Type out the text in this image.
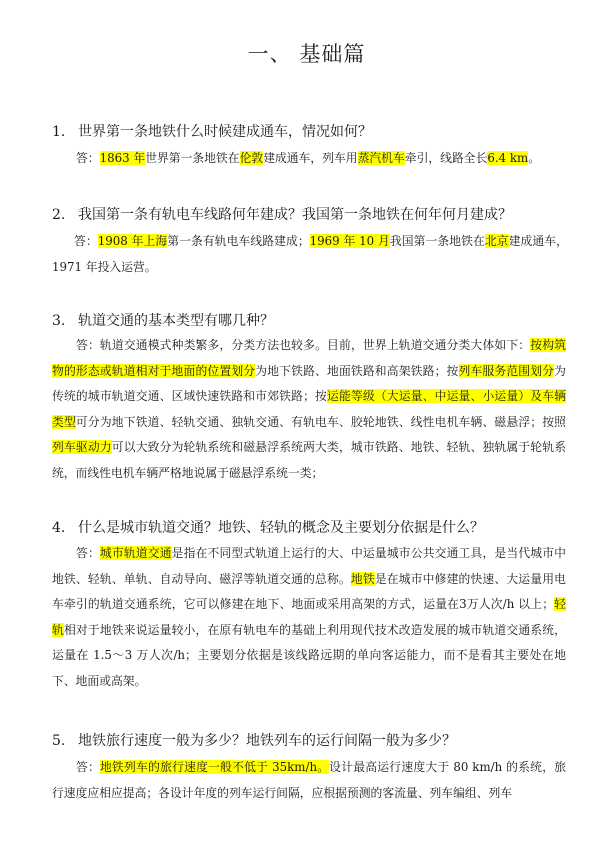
一、 基础篇
1. 世界第一条地铁什么时候建成通车，情况如何？
答：1863 年世界第一条地铁在伦敦建成通车，列车用蒸汽机车牵引，线路全长6.4 km。
2. 我国第一条有轨电车线路何年建成？我国第一条地铁在何年何月建成？
答：1908 年上海第一条有轨电车线路建成；1969 年 10 月我国第一条地铁在北京建成通车，1971 年投入运营。
3. 轨道交通的基本类型有哪几种？
答：轨道交通模式种类繁多，分类方法也较多。目前，世界上轨道交通分类大体如下：按构筑物的形态或轨道相对于地面的位置划分为地下铁路、地面铁路和高架铁路；按列车服务范围划分为传统的城市轨道交通、区域快速铁路和市郊铁路；按运能等级（大运量、中运量、小运量）及车辆类型可分为地下铁道、轻轨交通、独轨交通、有轨电车、胶轮地铁、线性电机车辆、磁悬浮；按照列车驱动力可以大致分为轮轨系统和磁悬浮系统两大类，城市铁路、地铁、轻轨、独轨属于轮轨系统，而线性电机车辆严格地说属于磁悬浮系统一类；
4. 什么是城市轨道交通？地铁、轻轨的概念及主要划分依据是什么？
答：城市轨道交通是指在不同型式轨道上运行的大、中运量城市公共交通工具，是当代城市中地铁、轻轨、单轨、自动导向、磁浮等轨道交通的总称。地铁是在城市中修建的快速、大运量用电车牵引的轨道交通系统，它可以修建在地下、地面或采用高架的方式，运量在3万人次/h 以上；轻轨相对于地铁来说运量较小，在原有轨电车的基础上利用现代技术改造发展的城市轨道交通系统，运量在 1.5～3 万人次/h；主要划分依据是该线路远期的单向客运能力，而不是看其主要处在地下、地面或高架。
5. 地铁旅行速度一般为多少？地铁列车的运行间隔一般为多少？
答：地铁列车的旅行速度一般不低于 35km/h。设计最高运行速度大于 80 km/h 的系统，旅行速度应相应提高；各设计年度的列车运行间隔，应根据预测的客流量、列车编组、列车
